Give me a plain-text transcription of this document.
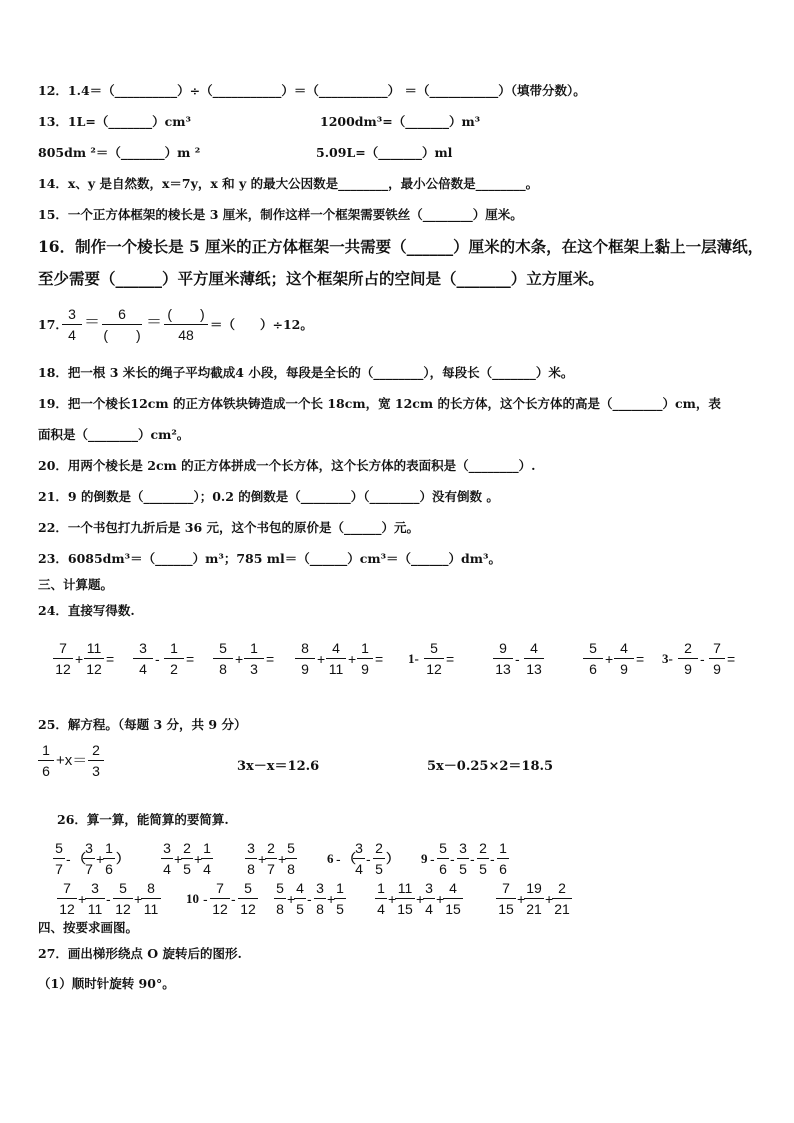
12．1.4＝（__________）÷（___________）＝（___________） ＝（___________）（填带分数）。
13．1L=（_______）cm³	1200dm³=（_______）m³
805dm ²＝（_______）m ²	5.09L=（_______）ml
14．x、y 是自然数，x＝7y，x 和 y 的最大公因数是________，最小公倍数是________。
15．一个正方体框架的棱长是 3 厘米，制作这样一个框架需要铁丝（________）厘米。
16．制作一个棱长是 5 厘米的正方体框架一共需要（______）厘米的木条，在这个框架上黏上一层薄纸，
至少需要（______）平方厘米薄纸；这个框架所占的空间是（_______）立方厘米。
17．
3
4
＝	6
(　　)
＝ (　　)
48
＝（　　）÷12。
18．把一根 3 米长的绳子平均截成4 小段，每段是全长的（________），每段长（_______）米。
19．把一个棱长12cm 的正方体铁块铸造成一个长 18cm，宽 12cm 的长方体，这个长方体的高是（________）cm，表
面积是（________）cm²。
20．用两个棱长是 2cm 的正方体拼成一个长方体，这个长方体的表面积是（________）.
21．9 的倒数是（________）；0.2 的倒数是（________）（________）没有倒数 。
22．一个书包打九折后是 36 元，这个书包的原价是（______）元。
23．6085dm³＝（______）m³；785 ml＝（______）cm³＝（______）dm³。
三、计算题。
24．直接写得数.
7
12
+
11
12
=
3
4
-
1
2
=
5
8
+
1
3
=
8
9
+
4
11
+
1
9
= 1-
5
12
=
9
13
-
4
13
5
6
+
4
9
= 3-
2
9
-
7
9
=
25．解方程。（每题 3 分，共 9 分）
1
6
+x＝
2
3	3x－x＝12.6	5x－0.25×2＝18.5
26．算一算，能简算的要简算.
5
7
- （
3
7
+
1
6
）
3
4
+
2
5
+
1
4
3
8
+
2
7
+
5
8
6 - （
3
4
-
2
5
） 9 -
5
6
-
3
5
-
2
5
-
1
6
7
12
+
3
11
-
5
12
+
8
11
10 -
7
12
-
5
12
5
8
+
4
5
-
3
8
+
1
5
1
4
+
11
15
+
3
4
+
4
15
7
15
+
19
21
+
2
21
四、按要求画图。
27．画出梯形绕点 O 旋转后的图形.
（1）顺时针旋转 90°。
